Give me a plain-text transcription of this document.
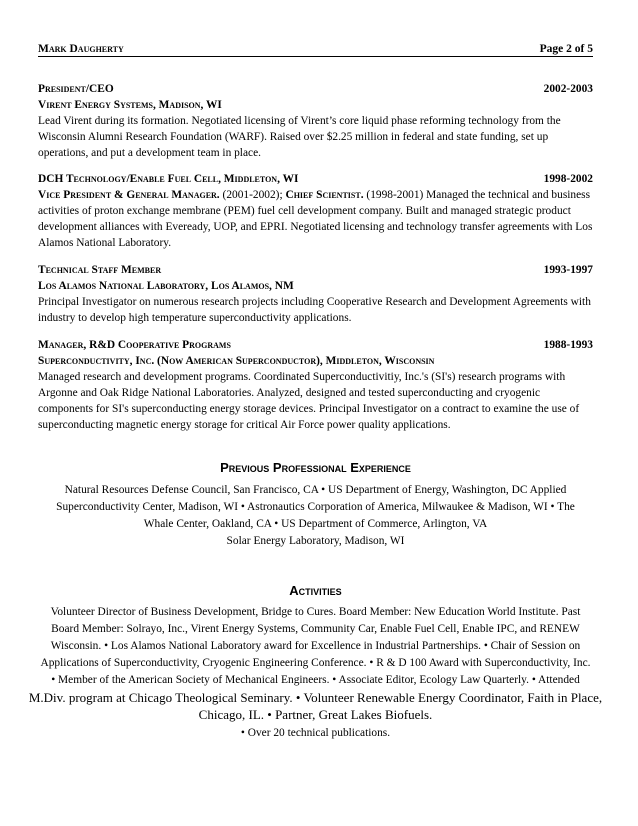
Mark Daugherty	Page 2 of 5
President/CEO	2002-2003
Virent Energy Systems, Madison, WI

Lead Virent during its formation. Negotiated licensing of Virent’s core liquid phase reforming technology from the Wisconsin Alumni Research Foundation (WARF). Raised over $2.25 million in federal and state funding, set up operations, and put a development team in place.

DCH Technology/Enable Fuel Cell, Middleton, WI	1998-2002

Vice President & General Manager. (2001-2002); Chief Scientist. (1998-2001) Managed the technical and business activities of proton exchange membrane (PEM) fuel cell development company. Built and managed strategic product development alliances with Eveready, UOP, and EPRI. Negotiated licensing and technology transfer agreements with Los Alamos National Laboratory.

Technical Staff Member	1993-1997
Los Alamos National Laboratory, Los Alamos, NM

Principal Investigator on numerous research projects including Cooperative Research and Development Agreements with industry to develop high temperature superconductivity applications.

Manager, R&D Cooperative Programs	1988-1993
Superconductivity, Inc. (Now American Superconductor), Middleton, Wisconsin

Managed research and development programs. Coordinated Superconductivitiy, Inc.'s (SI's) research programs with Argonne and Oak Ridge National Laboratories. Analyzed, designed and tested superconducting and cryogenic components for SI's superconducting energy storage devices. Principal Investigator on a contract to examine the use of superconducting magnetic energy storage for critical Air Force power quality applications.

Previous Professional Experience
Natural Resources Defense Council, San Francisco, CA • US Department of Energy, Washington, DC Applied
Superconductivity Center, Madison, WI • Astronautics Corporation of America, Milwaukee & Madison, WI • The
Whale Center, Oakland, CA • US Department of Commerce, Arlington, VA
Solar Energy Laboratory, Madison, WI
Activities
Volunteer Director of Business Development, Bridge to Cures. Board Member: New Education World Institute. Past
Board Member: Solrayo, Inc., Virent Energy Systems, Community Car, Enable Fuel Cell, Enable IPC, and RENEW
Wisconsin. • Los Alamos National Laboratory award for Excellence in Industrial Partnerships. • Chair of Session on
Applications of Superconductivity, Cryogenic Engineering Conference. • R & D 100 Award with Superconductivity, Inc.
• Member of the American Society of Mechanical Engineers. • Associate Editor, Ecology Law Quarterly. • Attended
M.Div. program at Chicago Theological Seminary. • Volunteer Renewable Energy Coordinator, Faith in Place,
Chicago, IL. • Partner, Great Lakes Biofuels.
• Over 20 technical publications.
